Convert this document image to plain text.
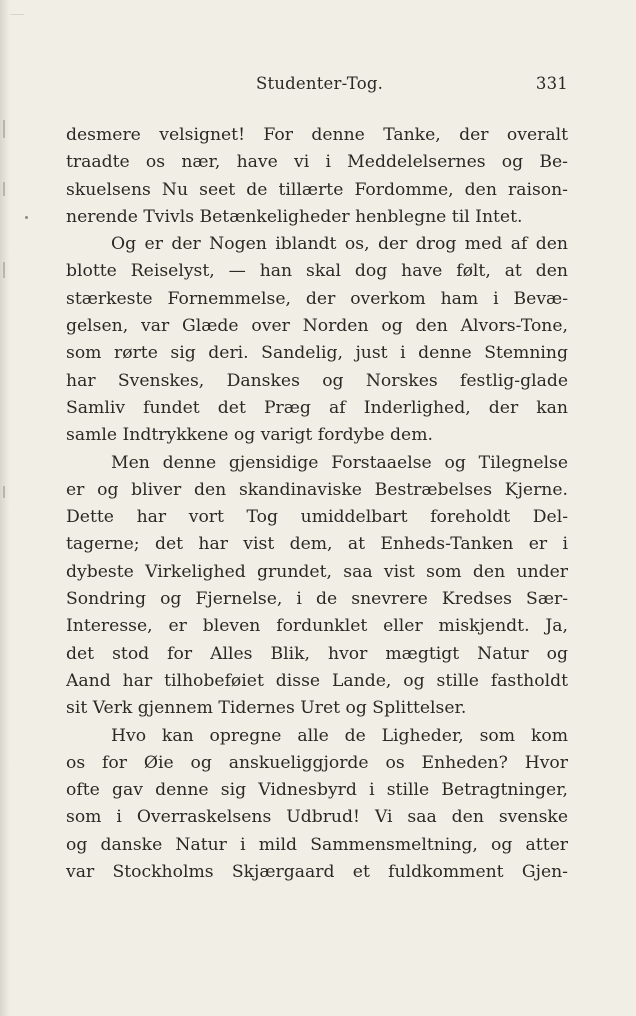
Studenter-Tog.	331
desmere velsignet! For denne Tanke, der overalt
traadte os nær, have vi i Meddelelsernes og Be-
skuelsens Nu seet de tillærte Fordomme, den raison-
nerende Tvivls Betænkeligheder henblegne til Intet.
Og er der Nogen iblandt os, der drog med af den
blotte Reiselyst, — han skal dog have følt, at den
stærkeste Fornemmelse, der overkom ham i Bevæ-
gelsen, var Glæde over Norden og den Alvors-Tone,
som rørte sig deri. Sandelig, just i denne Stemning
har Svenskes, Danskes og Norskes festlig-glade
Samliv fundet det Præg af Inderlighed, der kan
samle Indtrykkene og varigt fordybe dem.
Men denne gjensidige Forstaaelse og Tilegnelse
er og bliver den skandinaviske Bestræbelses Kjerne.
Dette har vort Tog umiddelbart foreholdt Del-
tagerne; det har vist dem, at Enheds-Tanken er i
dybeste Virkelighed grundet, saa vist som den under
Sondring og Fjernelse, i de snevrere Kredses Sær-
Interesse, er bleven fordunklet eller miskjendt. Ja,
det stod for Alles Blik, hvor mægtigt Natur og
Aand har tilhobeføiet disse Lande, og stille fastholdt
sit Verk gjennem Tidernes Uret og Splittelser.
Hvo kan opregne alle de Ligheder, som kom
os for Øie og anskueliggjorde os Enheden? Hvor
ofte gav denne sig Vidnesbyrd i stille Betragtninger,
som i Overraskelsens Udbrud! Vi saa den svenske
og danske Natur i mild Sammensmeltning, og atter
var Stockholms Skjærgaard et fuldkomment Gjen-
